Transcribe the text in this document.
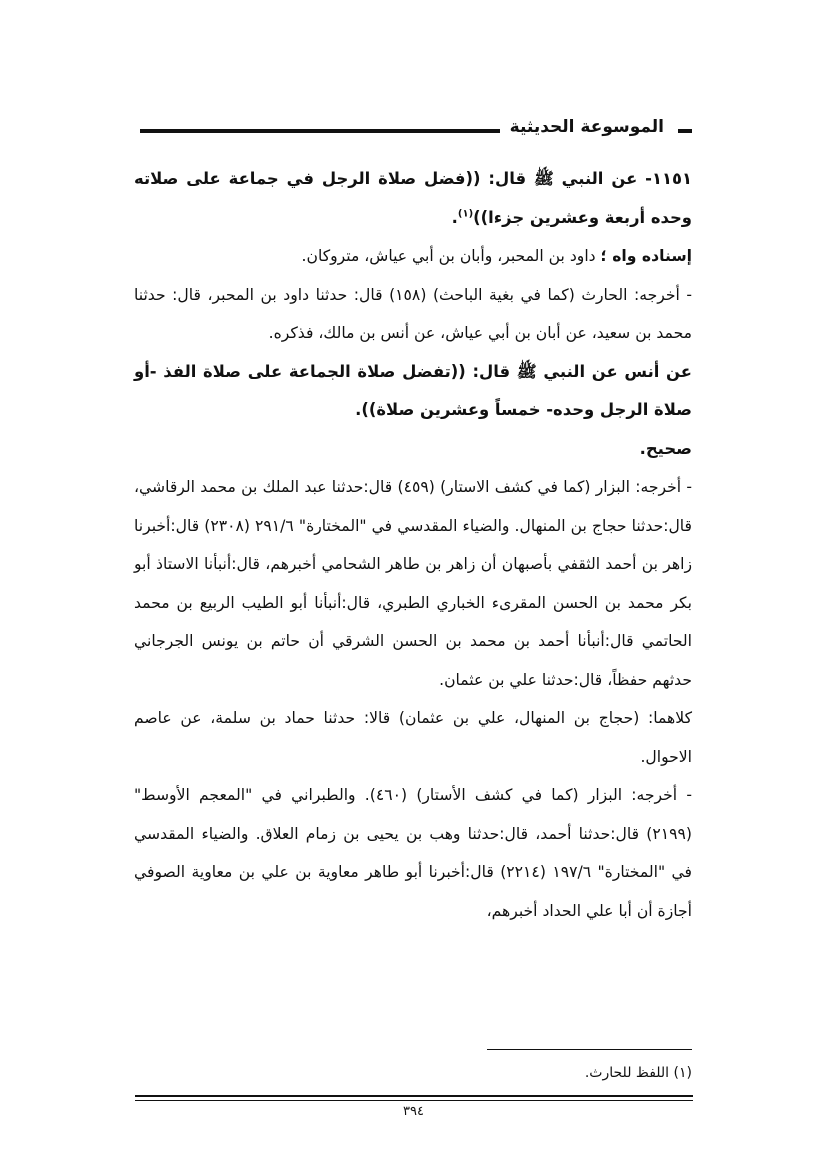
الموسوعة الحديثية

١١٥١- عن النبي ﷺ قال: ((فضل صلاة الرجل في جماعة على صلاته وحده أربعة وعشرين جزءا))$^{(١)}$.

إسناده واه ؛ داود بن المحبر، وأبان بن أبي عياش، متروكان.

- أخرجه: الحارث (كما في بغية الباحث) (١٥٨) قال: حدثنا داود بن المحبر، قال: حدثنا محمد بن سعيد، عن أبان بن أبي عياش، عن أنس بن مالك، فذكره.

عن أنس عن النبي ﷺ قال: ((تفضل صلاة الجماعة على صلاة الفذ -أو صلاة الرجل وحده- خمساً وعشرين صلاة)).

صحيح.

- أخرجه: البزار (كما في كشف الاستار) (٤٥٩) قال:حدثنا عبد الملك بن محمد الرقاشي، قال:حدثنا حجاج بن المنهال. والضياء المقدسي في "المختارة" ٢٩١/٦ (٢٣٠٨) قال:أخبرنا زاهر بن أحمد الثقفي بأصبهان أن زاهر بن طاهر الشحامي أخبرهم، قال:أنبأنا الاستاذ أبو بكر محمد بن الحسن المقرىء الخباري الطبري، قال:أنبأنا أبو الطيب الربيع بن محمد الحاتمي قال:أنبأنا أحمد بن محمد بن الحسن الشرقي أن حاتم بن يونس الجرجاني حدثهم حفظاً، قال:حدثنا علي بن عثمان.

كلاهما: (حجاج بن المنهال، علي بن عثمان) قالا: حدثنا حماد بن سلمة، عن عاصم الاحوال.

- أخرجه: البزار (كما في كشف الأستار) (٤٦٠). والطبراني في "المعجم الأوسط" (٢١٩٩) قال:حدثنا أحمد، قال:حدثنا وهب بن يحيى بن زمام العلاق. والضياء المقدسي في "المختارة" ١٩٧/٦ (٢٢١٤) قال:أخبرنا أبو طاهر معاوية بن علي بن معاوية الصوفي أجازة أن أبا علي الحداد أخبرهم،

(١) اللفظ للحارث.
٣٩٤
